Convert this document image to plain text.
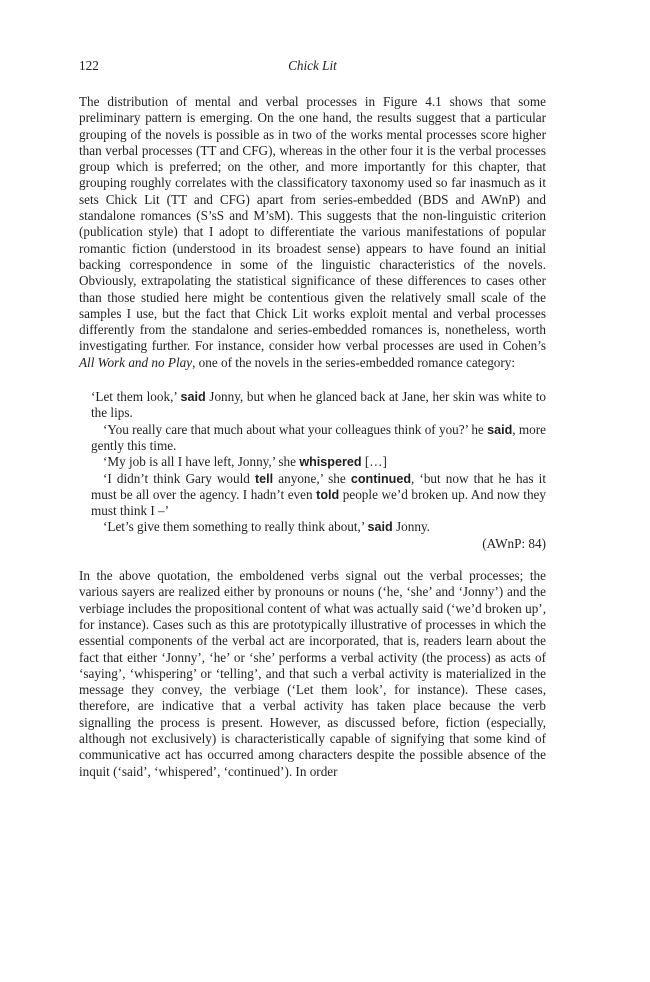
122	Chick Lit

The distribution of mental and verbal processes in Figure 4.1 shows that some preliminary pattern is emerging. On the one hand, the results suggest that a particular grouping of the novels is possible as in two of the works mental processes score higher than verbal processes (TT and CFG), whereas in the other four it is the verbal processes group which is preferred; on the other, and more importantly for this chapter, that grouping roughly correlates with the classificatory taxonomy used so far inasmuch as it sets Chick Lit (TT and CFG) apart from series-embedded (BDS and AWnP) and standalone romances (S’sS and M’sM). This suggests that the non-linguistic criterion (publication style) that I adopt to differentiate the various manifestations of popular romantic fiction (understood in its broadest sense) appears to have found an initial backing correspondence in some of the linguistic characteristics of the novels. Obviously, extrapolating the statistical significance of these differences to cases other than those studied here might be contentious given the relatively small scale of the samples I use, but the fact that Chick Lit works exploit mental and verbal processes differently from the standalone and series-embedded romances is, nonetheless, worth investigating further. For instance, consider how verbal processes are used in Cohen’s All Work and no Play, one of the novels in the series-embedded romance category:

‘Let them look,’ said Jonny, but when he glanced back at Jane, her skin was white to the lips.

‘You really care that much about what your colleagues think of you?’ he said, more gently this time.

‘My job is all I have left, Jonny,’ she whispered […]

‘I didn’t think Gary would tell anyone,’ she continued, ‘but now that he has it must be all over the agency. I hadn’t even told people we’d broken up. And now they must think I –’

‘Let’s give them something to really think about,’ said Jonny.

(AWnP: 84)

In the above quotation, the emboldened verbs signal out the verbal processes; the various sayers are realized either by pronouns or nouns (‘he, ‘she’ and ‘Jonny’) and the verbiage includes the propositional content of what was actually said (‘we’d broken up’, for instance). Cases such as this are prototypically illustrative of processes in which the essential components of the verbal act are incorporated, that is, readers learn about the fact that either ‘Jonny’, ‘he’ or ‘she’ performs a verbal activity (the process) as acts of ‘saying’, ‘whispering’ or ‘telling’, and that such a verbal activity is materialized in the message they convey, the verbiage (‘Let them look’, for instance). These cases, therefore, are indicative that a verbal activity has taken place because the verb signalling the process is present. However, as discussed before, fiction (especially, although not exclusively) is characteristically capable of signifying that some kind of communicative act has occurred among characters despite the possible absence of the inquit (‘said’, ‘whispered’, ‘continued’). In order
